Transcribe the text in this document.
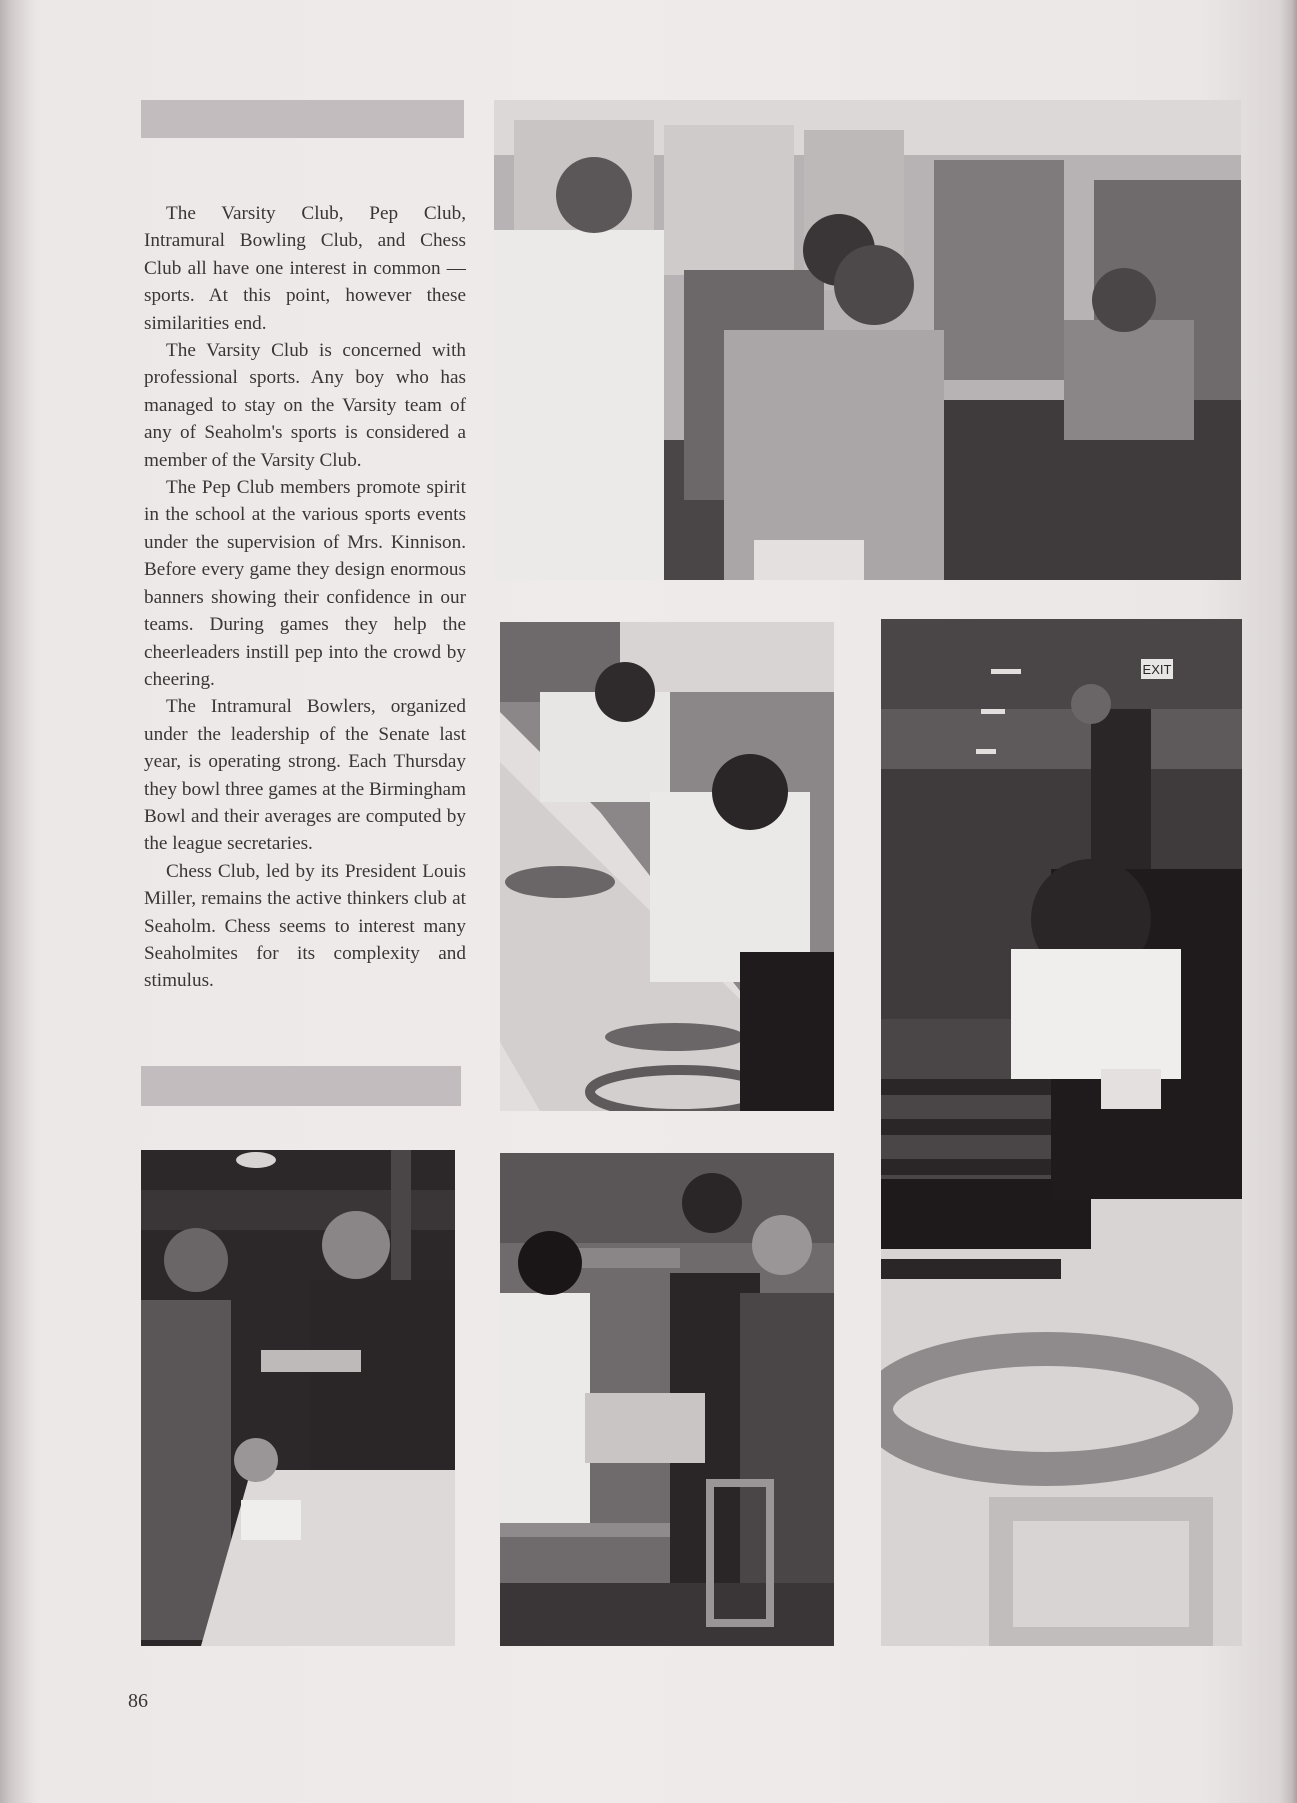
The Varsity Club, Pep Club, Intramural Bowling Club, and Chess Club all have one interest in common — sports. At this point, however these similarities end.

The Varsity Club is concerned with professional sports. Any boy who has managed to stay on the Varsity team of any of Seaholm's sports is considered a member of the Varsity Club.

The Pep Club members promote spirit in the school at the various sports events under the supervision of Mrs. Kinnison. Before every game they design enormous banners showing their confidence in our teams. During games they help the cheerleaders instill pep into the crowd by cheering.

The Intramural Bowlers, organized under the leadership of the Senate last year, is operating strong. Each Thursday they bowl three games at the Birmingham Bowl and their averages are computed by the league secretaries.

Chess Club, led by its President Louis Miller, remains the active thinkers club at Seaholm. Chess seems to interest many Seaholmites for its complexity and stimulus.

EXIT
86
